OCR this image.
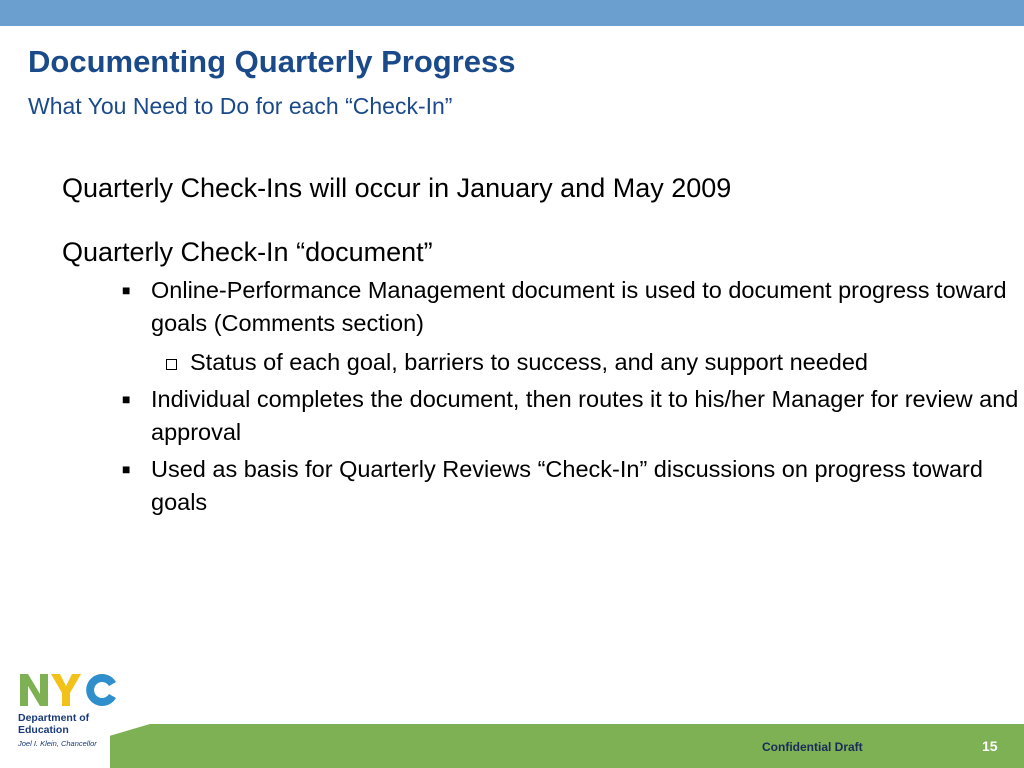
Documenting Quarterly Progress
What You Need to Do for each “Check-In”
Quarterly Check-Ins will occur in January and May 2009
Quarterly Check-In “document”
■ Online-Performance Management document is used to document progress toward goals (Comments section)
Status of each goal, barriers to success, and any support needed
■ Individual completes the document, then routes it to his/her Manager for review and approval
■ Used as basis for Quarterly Reviews “Check-In” discussions on progress toward goals
Department of
Education
Joel I. Klein, Chancellor	Confidential Draft	15
